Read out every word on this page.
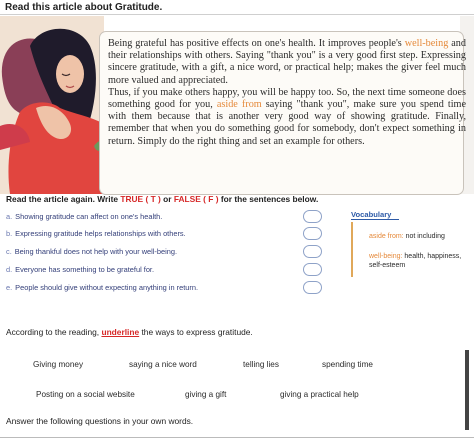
Read this article about Gratitude.
Being grateful has positive effects on one's health. It improves people's well-being and their relationships with others. Saying "thank you" is a very good first step. Expressing sincere gratitude, with a gift, a nice word, or practical help; makes the giver feel much more valued and appreciated.
Thus, if you make others happy, you will be happy too. So, the next time someone does something good for you, aside from saying "thank you", make sure you spend time with them because that is another very good way of showing gratitude. Finally, remember that when you do something good for somebody, don't expect something in return. Simply do the right thing and set an example for others.
Read the article again. Write TRUE ( T ) or FALSE ( F ) for the sentences below.
a. Showing gratitude can affect on one's health.
b. Expressing gratitude helps relationships with others.
c. Being thankful does not help with your well-being.
d. Everyone has something to be grateful for.
e. People should give without expecting anything in return.
Vocabulary
aside from: not including
well-being: health, happiness,
self-esteem
According to the reading, underline the ways to express gratitude.
Giving money	saying a nice word	telling lies	spending time
Posting on a social website	giving a gift	giving a practical help
Answer the following questions in your own words.
